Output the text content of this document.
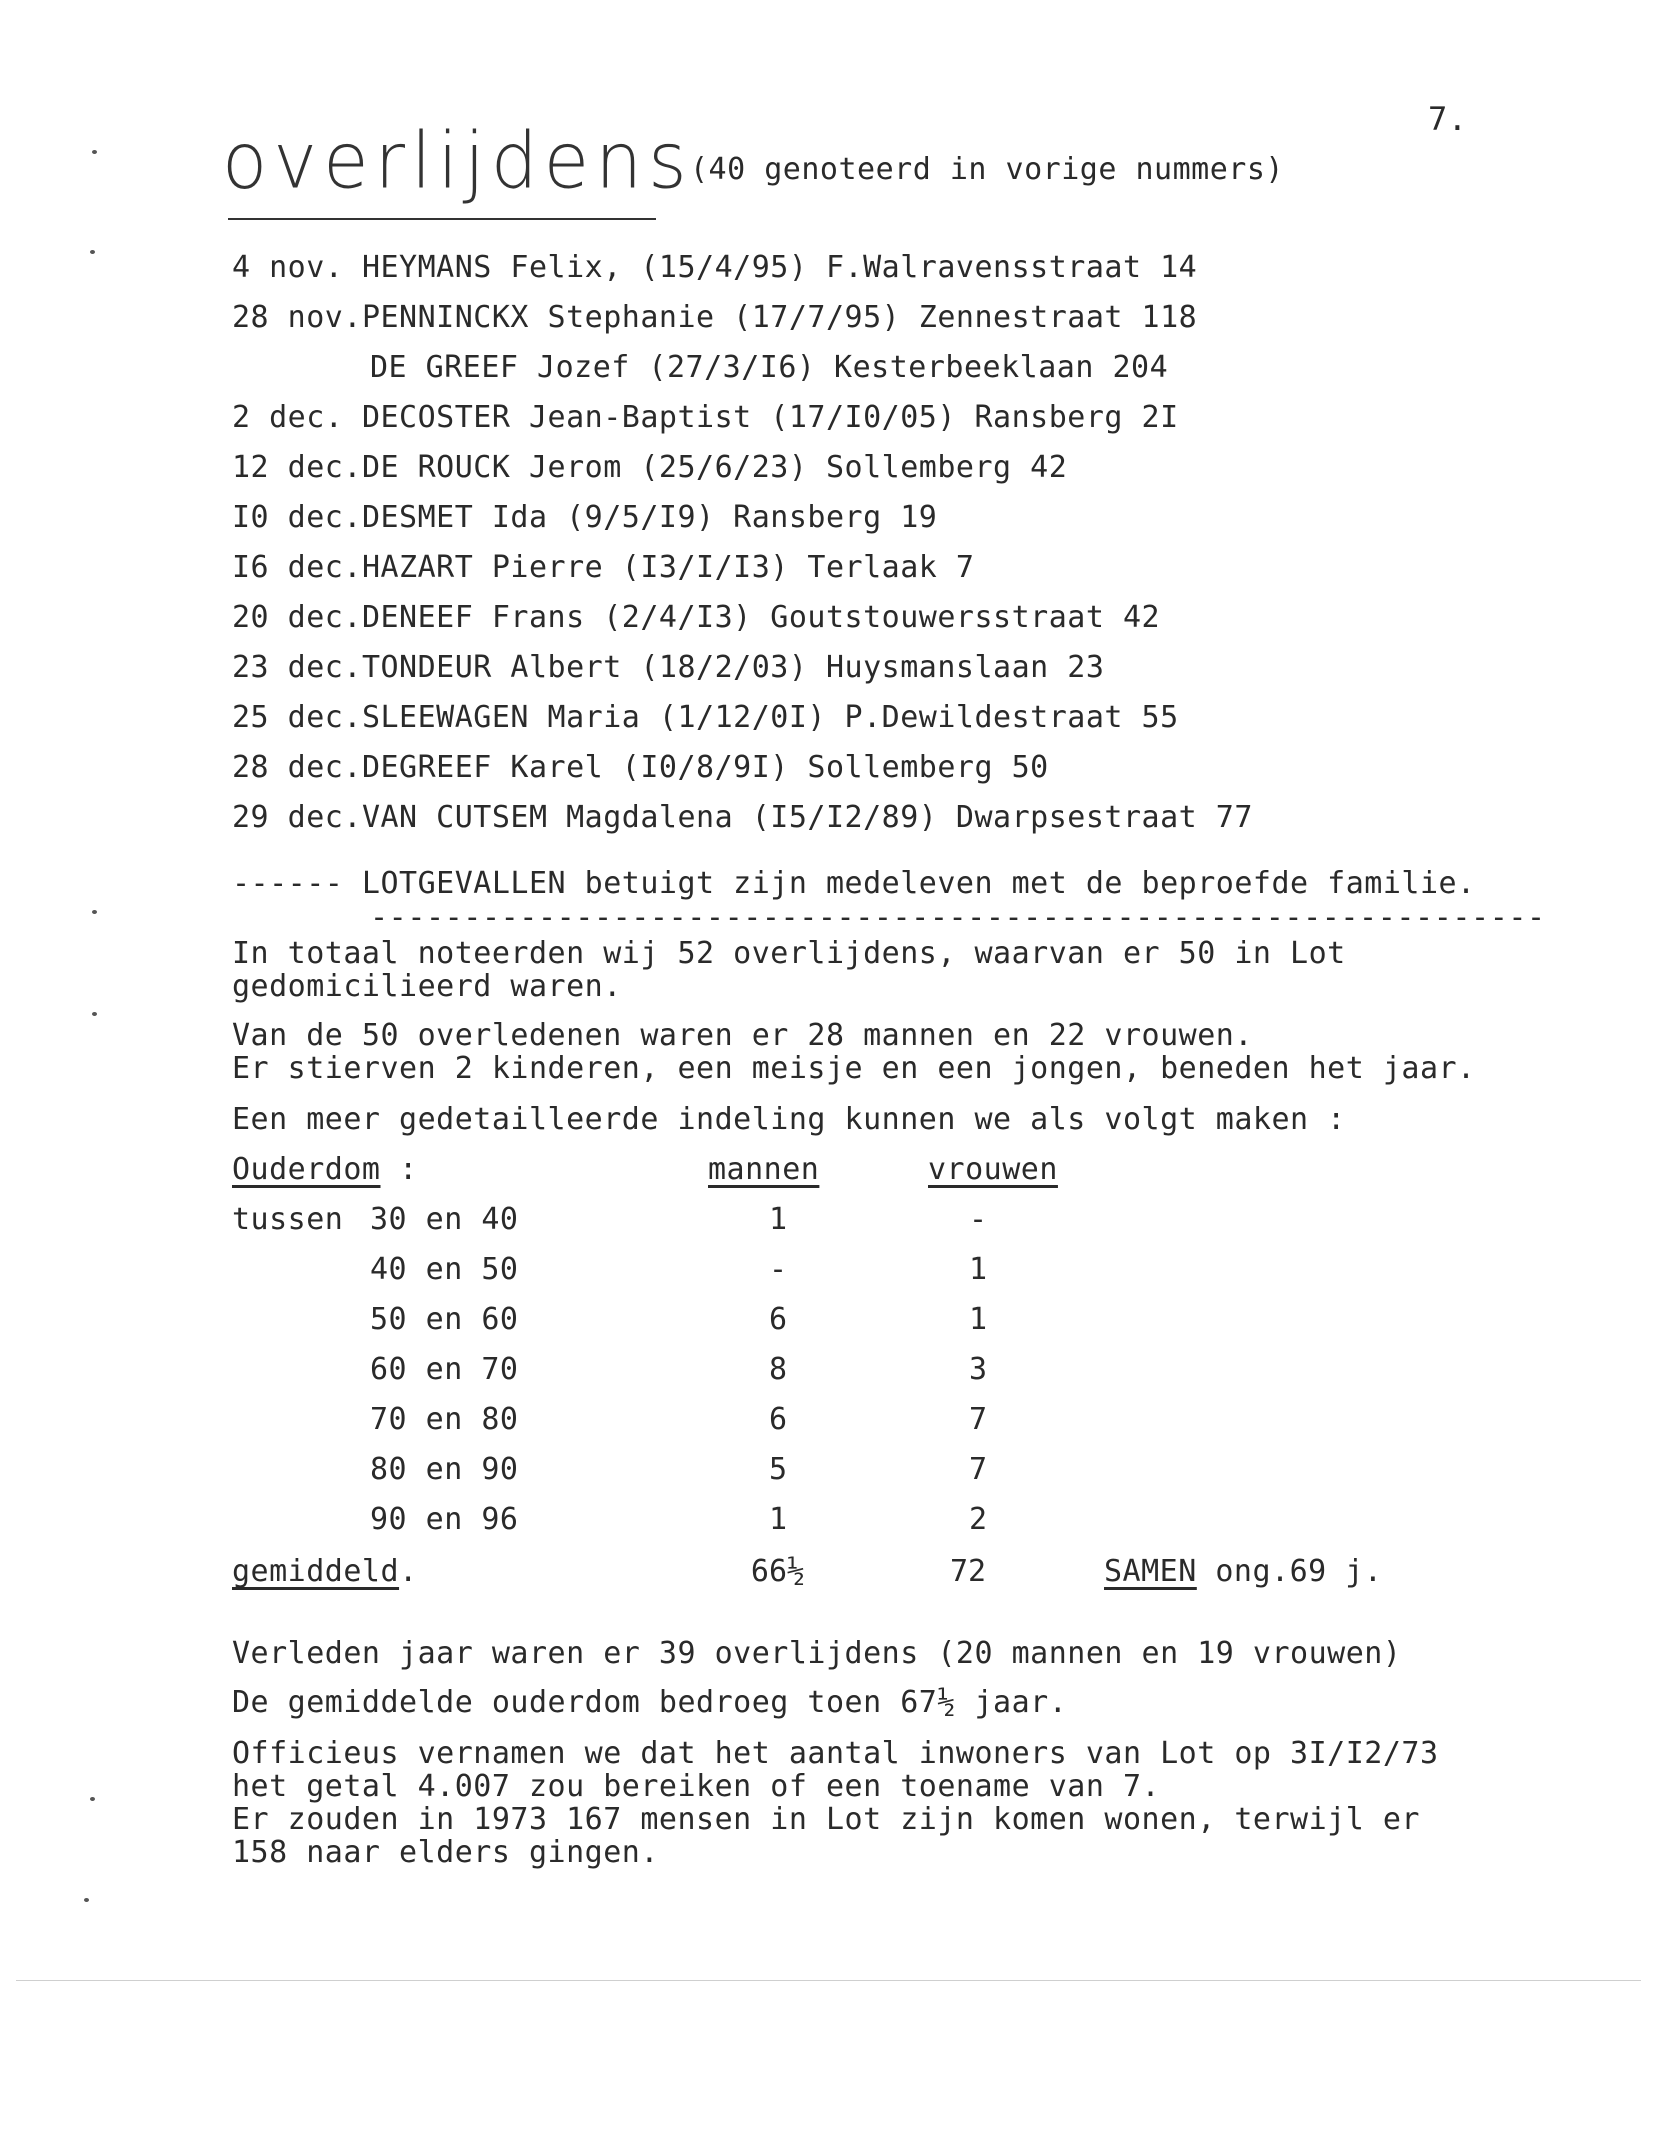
7.
overlijdens
(40 genoteerd in vorige nummers)
4 nov. HEYMANS Felix, (15/4/95) F.Walravensstraat 14
28 nov.PENNINCKX Stephanie (17/7/95) Zennestraat 118
DE GREEF Jozef (27/3/I6) Kesterbeeklaan 204
2 dec. DECOSTER Jean-Baptist (17/I0/05) Ransberg 2I
12 dec.DE ROUCK Jerom (25/6/23) Sollemberg 42
I0 dec.DESMET Ida (9/5/I9) Ransberg 19
I6 dec.HAZART Pierre (I3/I/I3) Terlaak 7
20 dec.DENEEF Frans (2/4/I3) Goutstouwersstraat 42
23 dec.TONDEUR Albert (18/2/03) Huysmanslaan 23
25 dec.SLEEWAGEN Maria (1/12/0I) P.Dewildestraat 55
28 dec.DEGREEF Karel (I0/8/9I) Sollemberg 50
29 dec.VAN CUTSEM Magdalena (I5/I2/89) Dwarpsestraat 77
------ LOTGEVALLEN betuigt zijn medeleven met de beproefde familie.
---------------------------------------------------------------
In totaal noteerden wij 52 overlijdens, waarvan er 50 in Lot
gedomicilieerd waren.
Van de 50 overledenen waren er 28 mannen en 22 vrouwen.
Er stierven 2 kinderen, een meisje en een jongen, beneden het jaar.
Een meer gedetailleerde indeling kunnen we als volgt maken :
Ouderdom :	mannen	vrouwen
tussen 30 en 40	1	-
40 en 50	-	1
50 en 60	6	1
60 en 70	8	3
70 en 80	6	7
80 en 90	5	7
90 en 96	1	2
gemiddeld.	66½	72	SAMEN ong.69 j.
Verleden jaar waren er 39 overlijdens (20 mannen en 19 vrouwen)
De gemiddelde ouderdom bedroeg toen 67½ jaar.
Officieus vernamen we dat het aantal inwoners van Lot op 3I/I2/73
het getal 4.007 zou bereiken of een toename van 7.
Er zouden in 1973 167 mensen in Lot zijn komen wonen, terwijl er
158 naar elders gingen.
